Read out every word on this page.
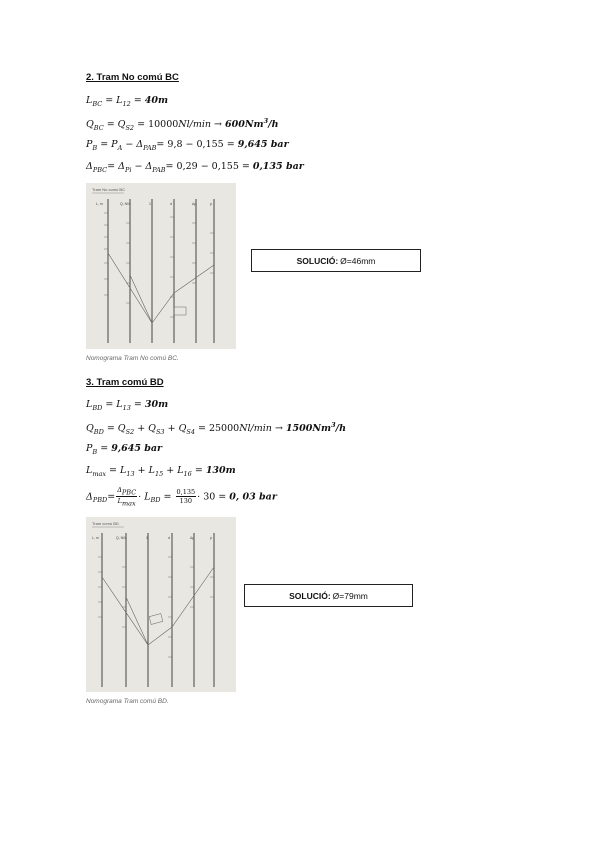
2. Tram No comú BC
$L_{BC} = L_{12} = 40m$
$Q_{BC} = Q_{S2} = 10000Nl/\min \to 600Nm^3/h$
$P_B = P_A - \Delta_{PAB}= 9,8 - 0,155 = 9,645$ bar
$\Delta_{PBC}= \Delta_{Pi} - \Delta_{PAB}= 0,29 - 0,155 = 0,135$ bar
Tram No comú BC
L, m	Q, Nl/s	1	d	Δp	p
SOLUCIÓ: Ø=46mm
Nomograma Tram No comú BC.
3. Tram comú BD
$L_{BD} = L_{13} = 30m$
$Q_{BD} = Q_{S2} + Q_{S3} + Q_{S4} = 25000Nl/\min \to 1500Nm^3/h$
$P_B = 9,645$ bar
$L_{max} = L_{13} + L_{15} + L_{16} = 130m$
$\Delta_{PBD}= \frac{\Delta_{PBC}}{L_{max}} \cdot L_{BD} = \frac{0,135}{130} \cdot 30 = 0$, 03 bar
Tram comú BD
L, m	Q, Nl/s	1	d	Δp	p
SOLUCIÓ: Ø=79mm
Nomograma Tram comú BD.
